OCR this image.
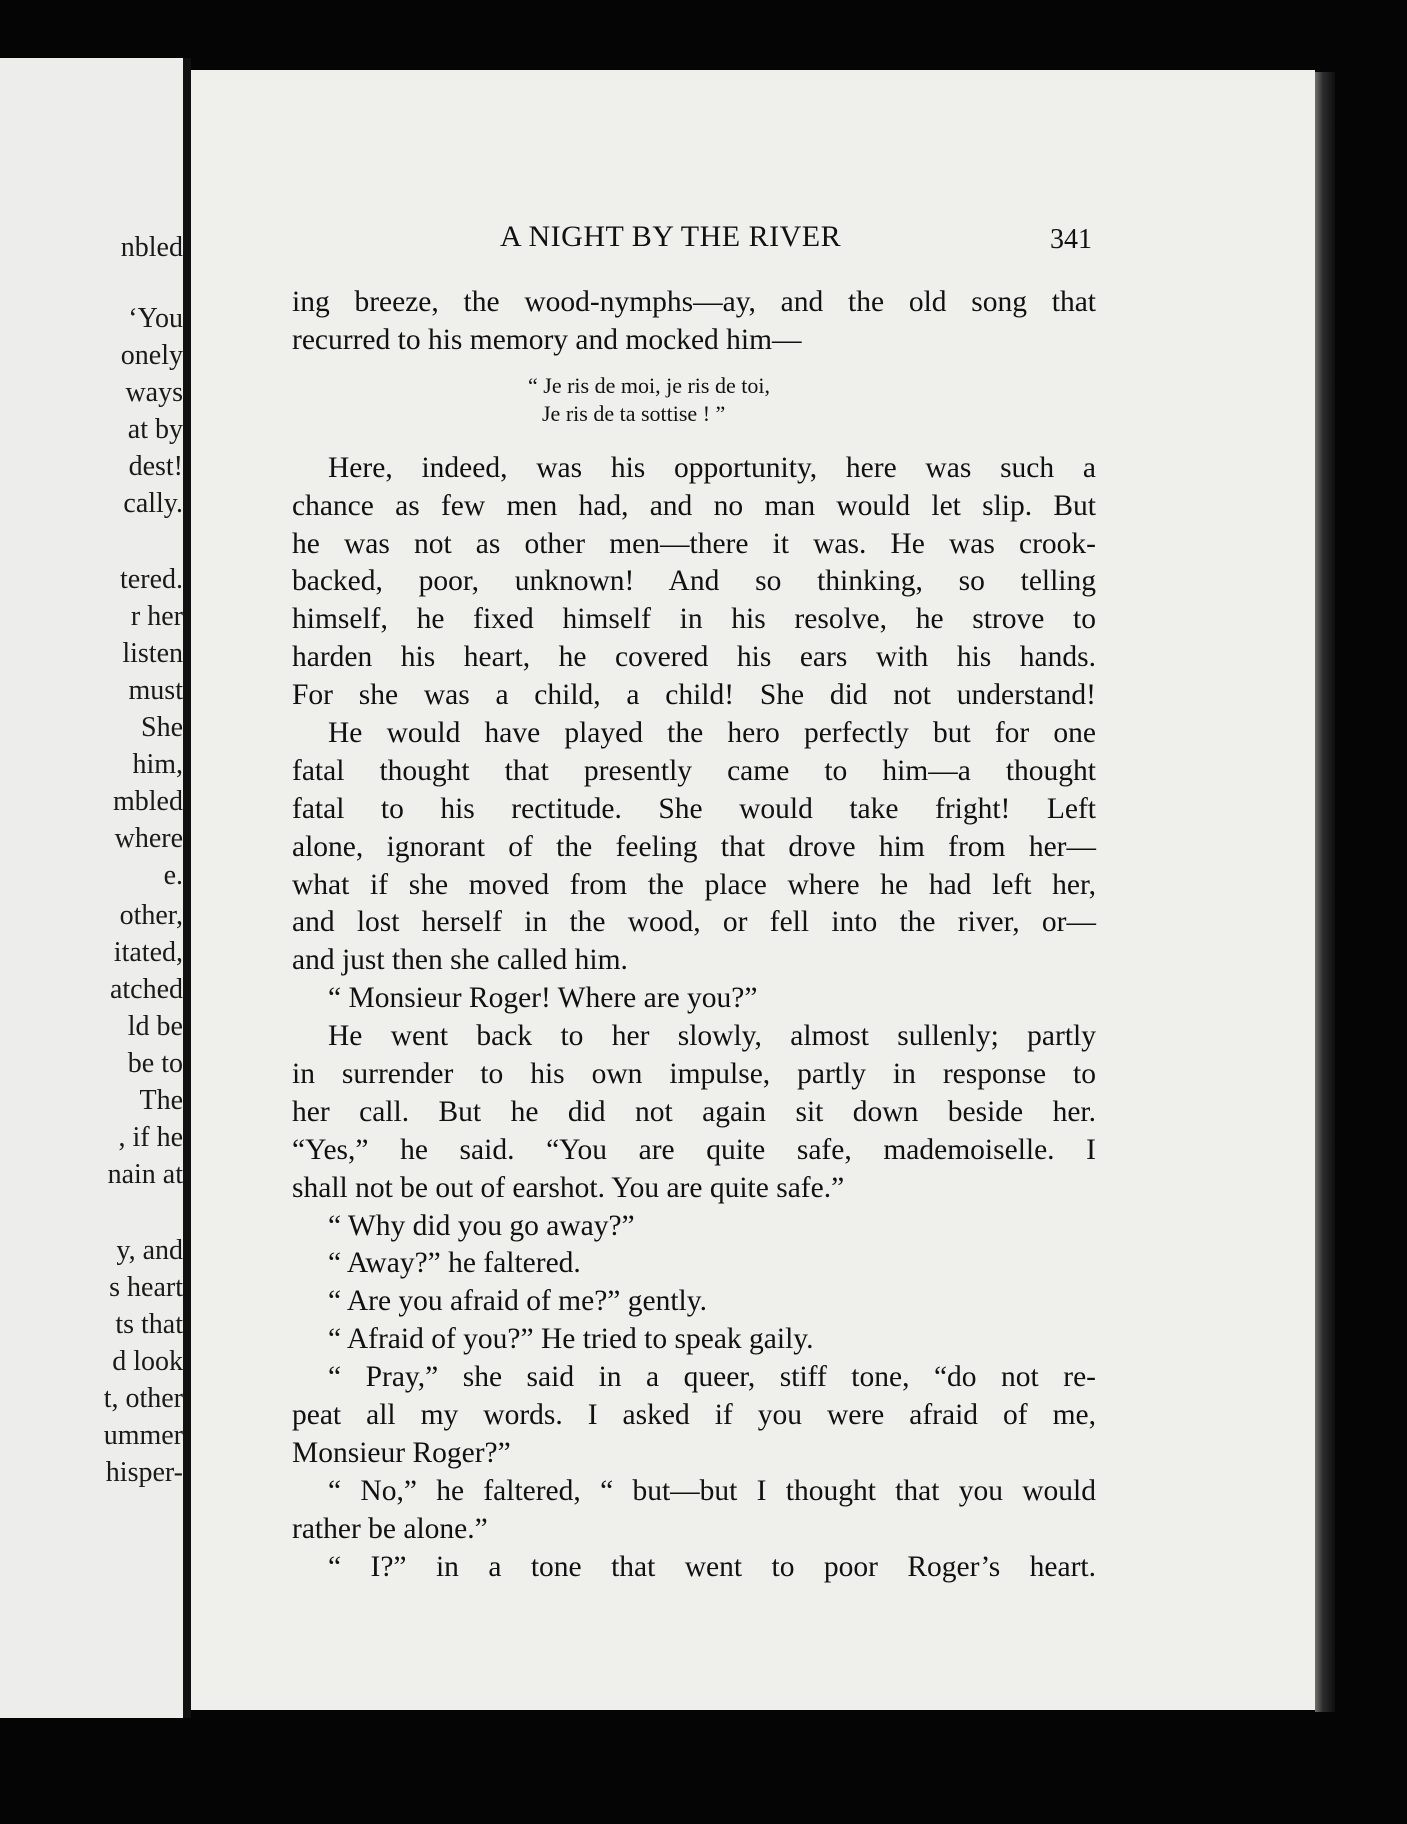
nbled
‘You
onely
ways
at by
dest!
cally.
tered.
r her
listen
must
She
him,
mbled
where
e.
other,
itated,
atched
ld be
be to
The
, if he
nain at
y, and
s heart
ts that
d look
t, other
ummer
hisper-
A NIGHT BY THE RIVER	341
ing breeze, the wood-nymphs—ay, and the old song that
recurred to his memory and mocked him—
“ Je ris de moi, je ris de toi,
Je ris de ta sottise ! ”
Here, indeed, was his opportunity, here was such a
chance as few men had, and no man would let slip. But
he was not as other men—there it was. He was crook-
backed, poor, unknown! And so thinking, so telling
himself, he fixed himself in his resolve, he strove to
harden his heart, he covered his ears with his hands.
For she was a child, a child! She did not understand!
He would have played the hero perfectly but for one
fatal thought that presently came to him—a thought
fatal to his rectitude. She would take fright! Left
alone, ignorant of the feeling that drove him from her—
what if she moved from the place where he had left her,
and lost herself in the wood, or fell into the river, or—
and just then she called him.
“ Monsieur Roger! Where are you?”
He went back to her slowly, almost sullenly; partly
in surrender to his own impulse, partly in response to
her call. But he did not again sit down beside her.
“Yes,” he said. “You are quite safe, mademoiselle. I
shall not be out of earshot. You are quite safe.”
“ Why did you go away?”
“ Away?” he faltered.
“ Are you afraid of me?” gently.
“ Afraid of you?” He tried to speak gaily.
“ Pray,” she said in a queer, stiff tone, “do not re-
peat all my words. I asked if you were afraid of me,
Monsieur Roger?”
“ No,” he faltered, “ but—but I thought that you would
rather be alone.”
“ I?” in a tone that went to poor Roger’s heart.
